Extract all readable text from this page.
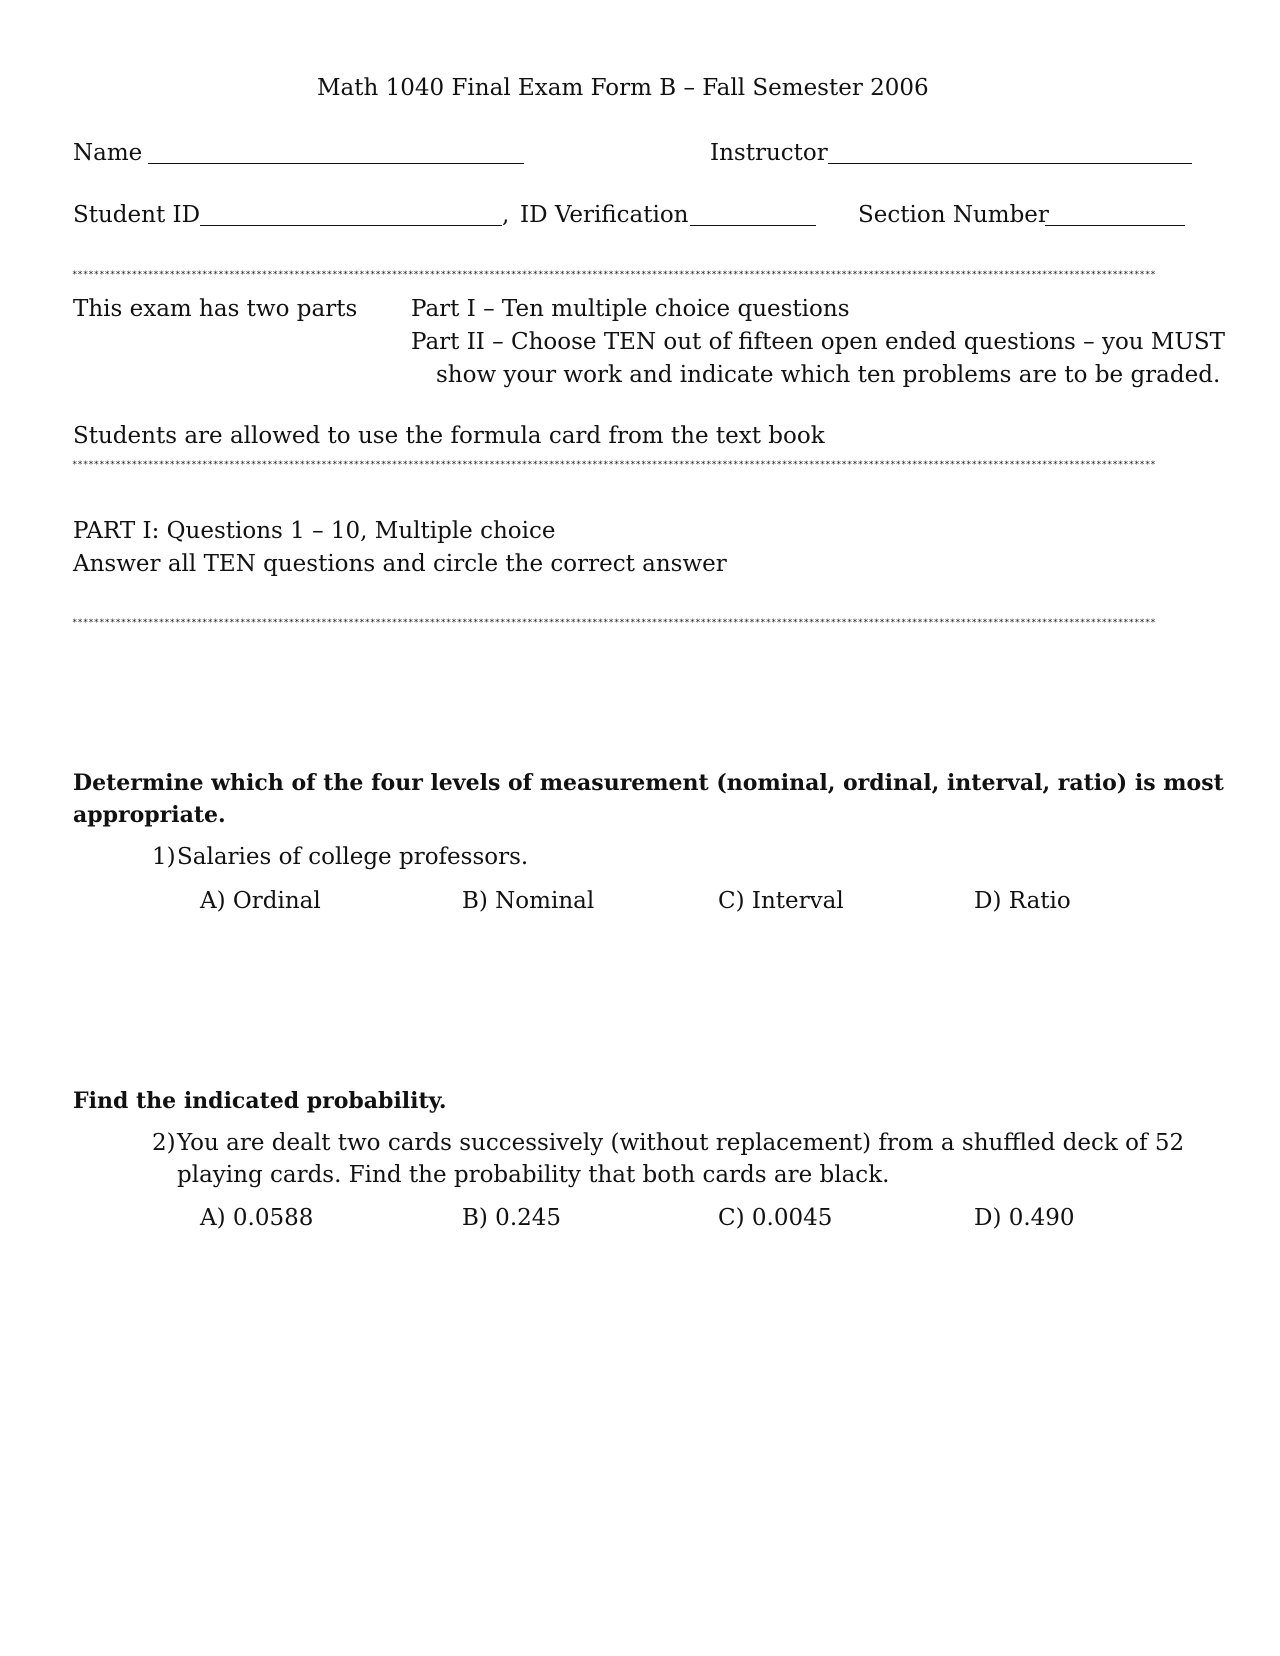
Math 1040 Final Exam Form B – Fall Semester 2006
Name	Instructor
Student ID	, ID Verification	Section Number
********************************************************************************************************************************************************************************************************
This exam has two parts Part I – Ten multiple choice questions
Part II – Choose TEN out of fifteen open ended questions – you MUST
show your work and indicate which ten problems are to be graded.
Students are allowed to use the formula card from the text book
********************************************************************************************************************************************************************************************************
PART I: Questions 1 – 10, Multiple choice
Answer all TEN questions and circle the correct answer
********************************************************************************************************************************************************************************************************
Determine which of the four levels of measurement (nominal, ordinal, interval, ratio) is most
appropriate.
1) Salaries of college professors.
A) Ordinal	B) Nominal	C) Interval	D) Ratio
Find the indicated probability.
2) You are dealt two cards successively (without replacement) from a shuffled deck of 52
playing cards. Find the probability that both cards are black.
A) 0.0588	B) 0.245	C) 0.0045	D) 0.490
